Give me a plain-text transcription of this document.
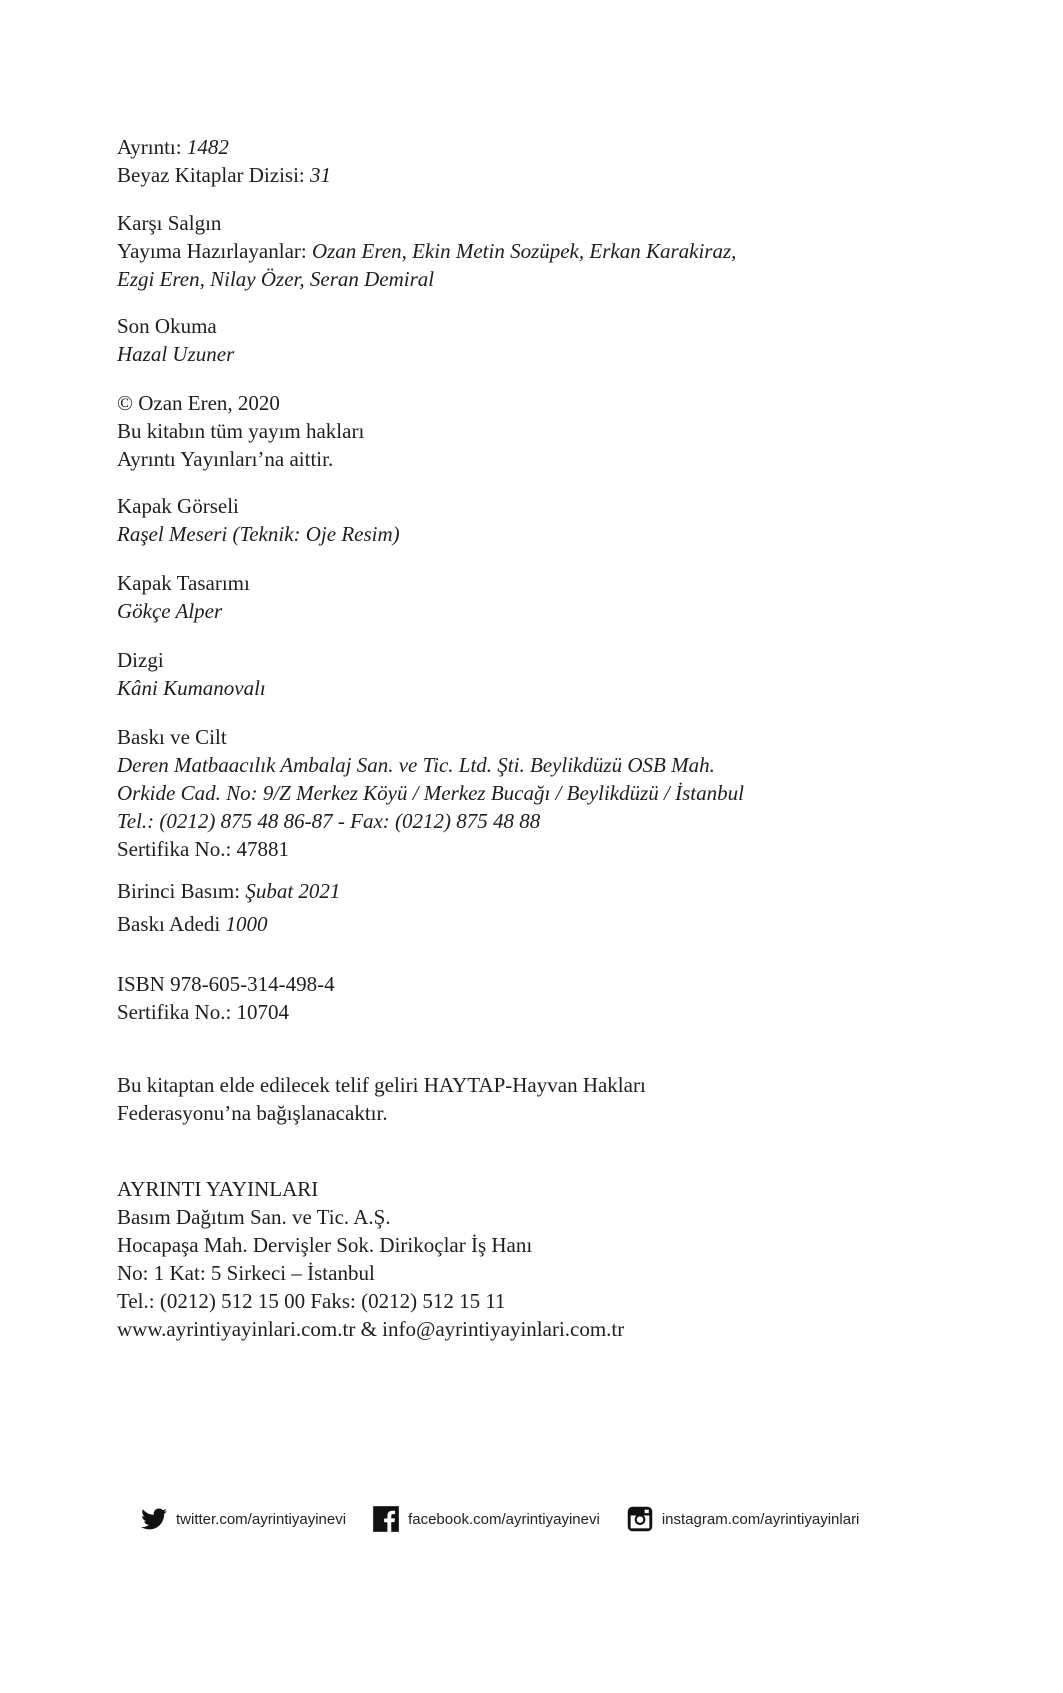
Ayrıntı: 1482
Beyaz Kitaplar Dizisi: 31
Karşı Salgın
Yayıma Hazırlayanlar: Ozan Eren, Ekin Metin Sozüpek, Erkan Karakiraz,
Ezgi Eren, Nilay Özer, Seran Demiral
Son Okuma
Hazal Uzuner
© Ozan Eren, 2020
Bu kitabın tüm yayım hakları
Ayrıntı Yayınları’na aittir.
Kapak Görseli
Raşel Meseri (Teknik: Oje Resim)
Kapak Tasarımı
Gökçe Alper
Dizgi
Kâni Kumanovalı
Baskı ve Cilt
Deren Matbaacılık Ambalaj San. ve Tic. Ltd. Şti. Beylikdüzü OSB Mah.
Orkide Cad. No: 9/Z Merkez Köyü / Merkez Bucağı / Beylikdüzü / İstanbul
Tel.: (0212) 875 48 86-87 - Fax: (0212) 875 48 88
Sertifika No.: 47881
Birinci Basım: Şubat 2021
Baskı Adedi 1000
ISBN 978-605-314-498-4
Sertifika No.: 10704
Bu kitaptan elde edilecek telif geliri HAYTAP-Hayvan Hakları
Federasyonu’na bağışlanacaktır.
AYRINTI YAYINLARI
Basım Dağıtım San. ve Tic. A.Ş.
Hocapaşa Mah. Dervişler Sok. Dirikoçlar İş Hanı
No: 1 Kat: 5 Sirkeci – İstanbul
Tel.: (0212) 512 15 00 Faks: (0212) 512 15 11
www.ayrintiyayinlari.com.tr & info@ayrintiyayinlari.com.tr
twitter.com/ayrintiyayinevi	facebook.com/ayrintiyayinevi	instagram.com/ayrintiyayinlari
